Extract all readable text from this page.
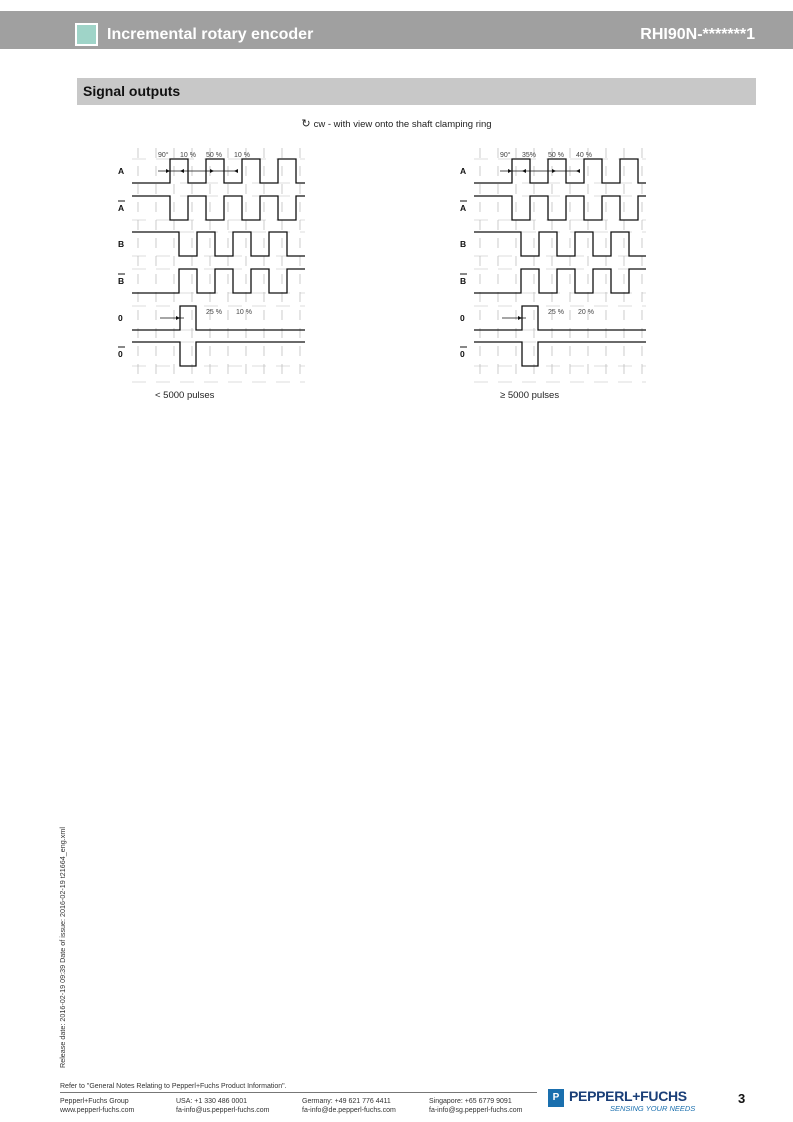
Incremental rotary encoder	RHI90N-*******1
Signal outputs
↻ cw - with view onto the shaft clamping ring
A
A
B
B
0
0
90° 10 % 50 % 10 %
25 % 10 %
A
A
B
B
0
0
90° 35% 50 % 40 %
25 % 20 %
< 5000 pulses	≥ 5000 pulses
Release date: 2016-02-19 09:39 Date of issue: 2016-02-19 t21664_eng.xml
Refer to "General Notes Relating to Pepperl+Fuchs Product Information".
Pepperl+Fuchs Group
www.pepperl-fuchs.com
USA: +1 330 486 0001
fa-info@us.pepperl-fuchs.com
Germany: +49 621 776 4411
fa-info@de.pepperl-fuchs.com
Singapore: +65 6779 9091
fa-info@sg.pepperl-fuchs.com
P PEPPERL+FUCHS
SENSING YOUR NEEDS
3
